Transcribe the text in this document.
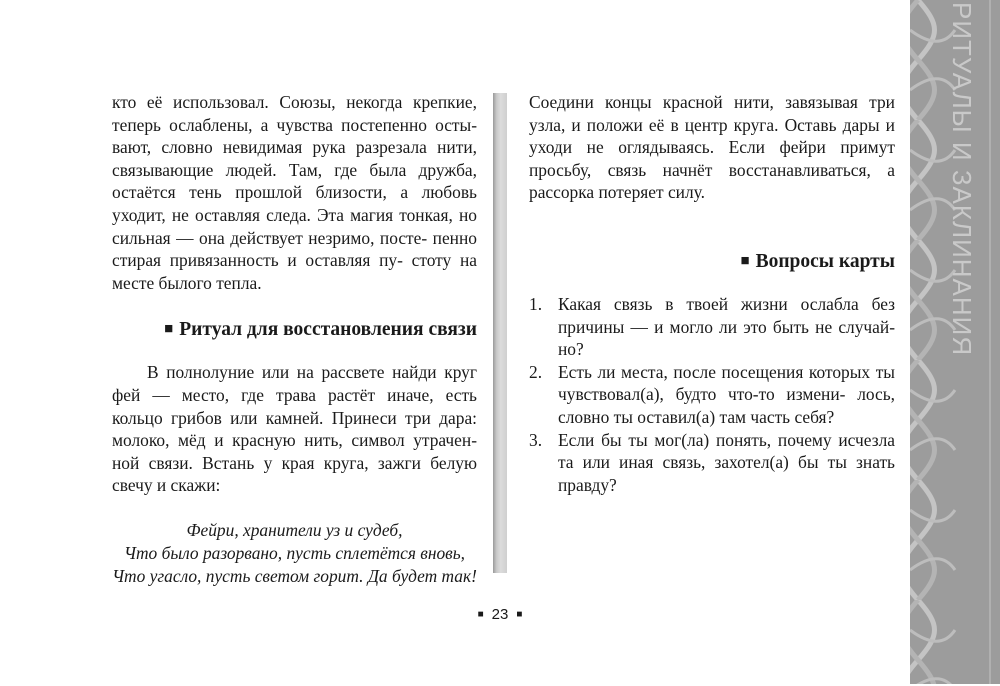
кто её использовал. Союзы, некогда крепкие, теперь ослаблены, а чувства постепенно осты- вают, словно невидимая рука разрезала нити, связывающие людей. Там, где была дружба, остаётся тень прошлой близости, а любовь уходит, не оставляя следа. Эта магия тонкая, но сильная — она действует незримо, посте- пенно стирая привязанность и оставляя пу- стоту на месте былого тепла.

■ Ритуал для восстановления связи

В полнолуние или на рассвете найди круг фей — место, где трава растёт иначе, есть кольцо грибов или камней. Принеси три дара: молоко, мёд и красную нить, символ утрачен- ной связи. Встань у края круга, зажги белую свечу и скажи:

Фейри, хранители уз и судеб,
Что было разорвано, пусть сплетётся вновь,
Что угасло, пусть светом горит. Да будет так!

Соедини концы красной нити, завязывая три узла, и положи её в центр круга. Оставь дары и уходи не оглядываясь. Если фейри примут просьбу, связь начнёт восстанавливаться, а рассорка потеряет силу.

■ Вопросы карты

1. Какая связь в твоей жизни ослабла без причины — и могло ли это быть не случай- но?
2. Есть ли места, после посещения которых ты чувствовал(а), будто что-то измени- лось, словно ты оставил(а) там часть себя?
3. Если бы ты мог(ла) понять, почему исчезла та или иная связь, захотел(а) бы ты знать правду?
■ 23 ■
РИТУАЛЫ И ЗАКЛИНАНИЯ
